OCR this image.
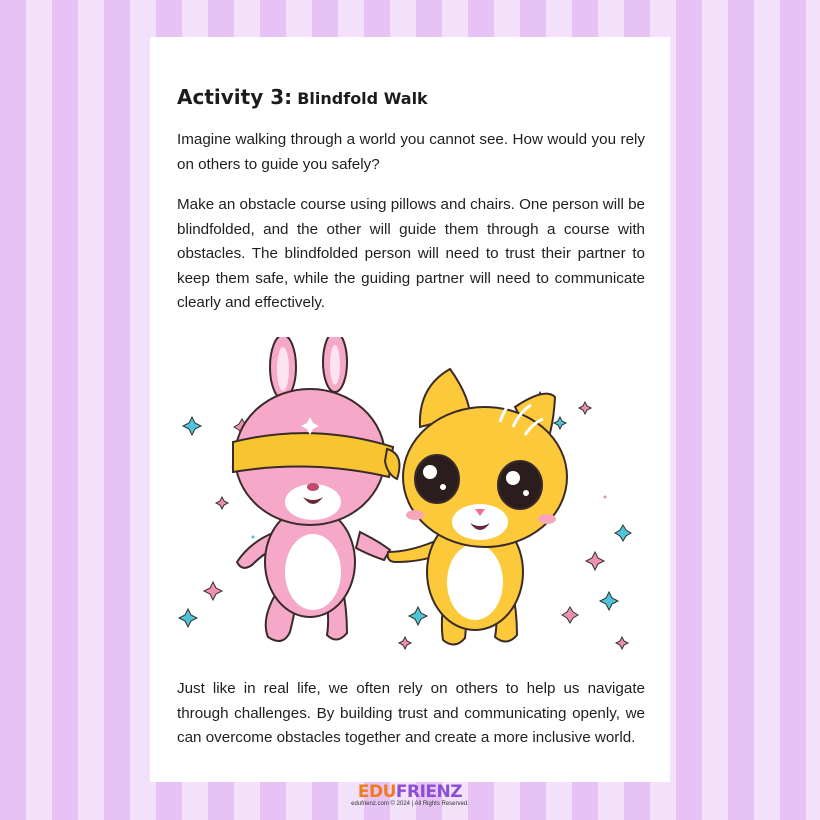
Activity 3: Blindfold Walk

Imagine walking through a world you cannot see. How would you rely on others to guide you safely?

Make an obstacle course using pillows and chairs. One person will be blindfolded, and the other will guide them through a course with obstacles. The blindfolded person will need to trust their partner to keep them safe, while the guiding partner will need to communicate clearly and effectively.

Just like in real life, we often rely on others to help us navigate through challenges. By building trust and communicating openly, we can overcome obstacles together and create a more inclusive world.

EDUFRIENZ
edufrienz.com © 2024 | All Rights Reserved.
